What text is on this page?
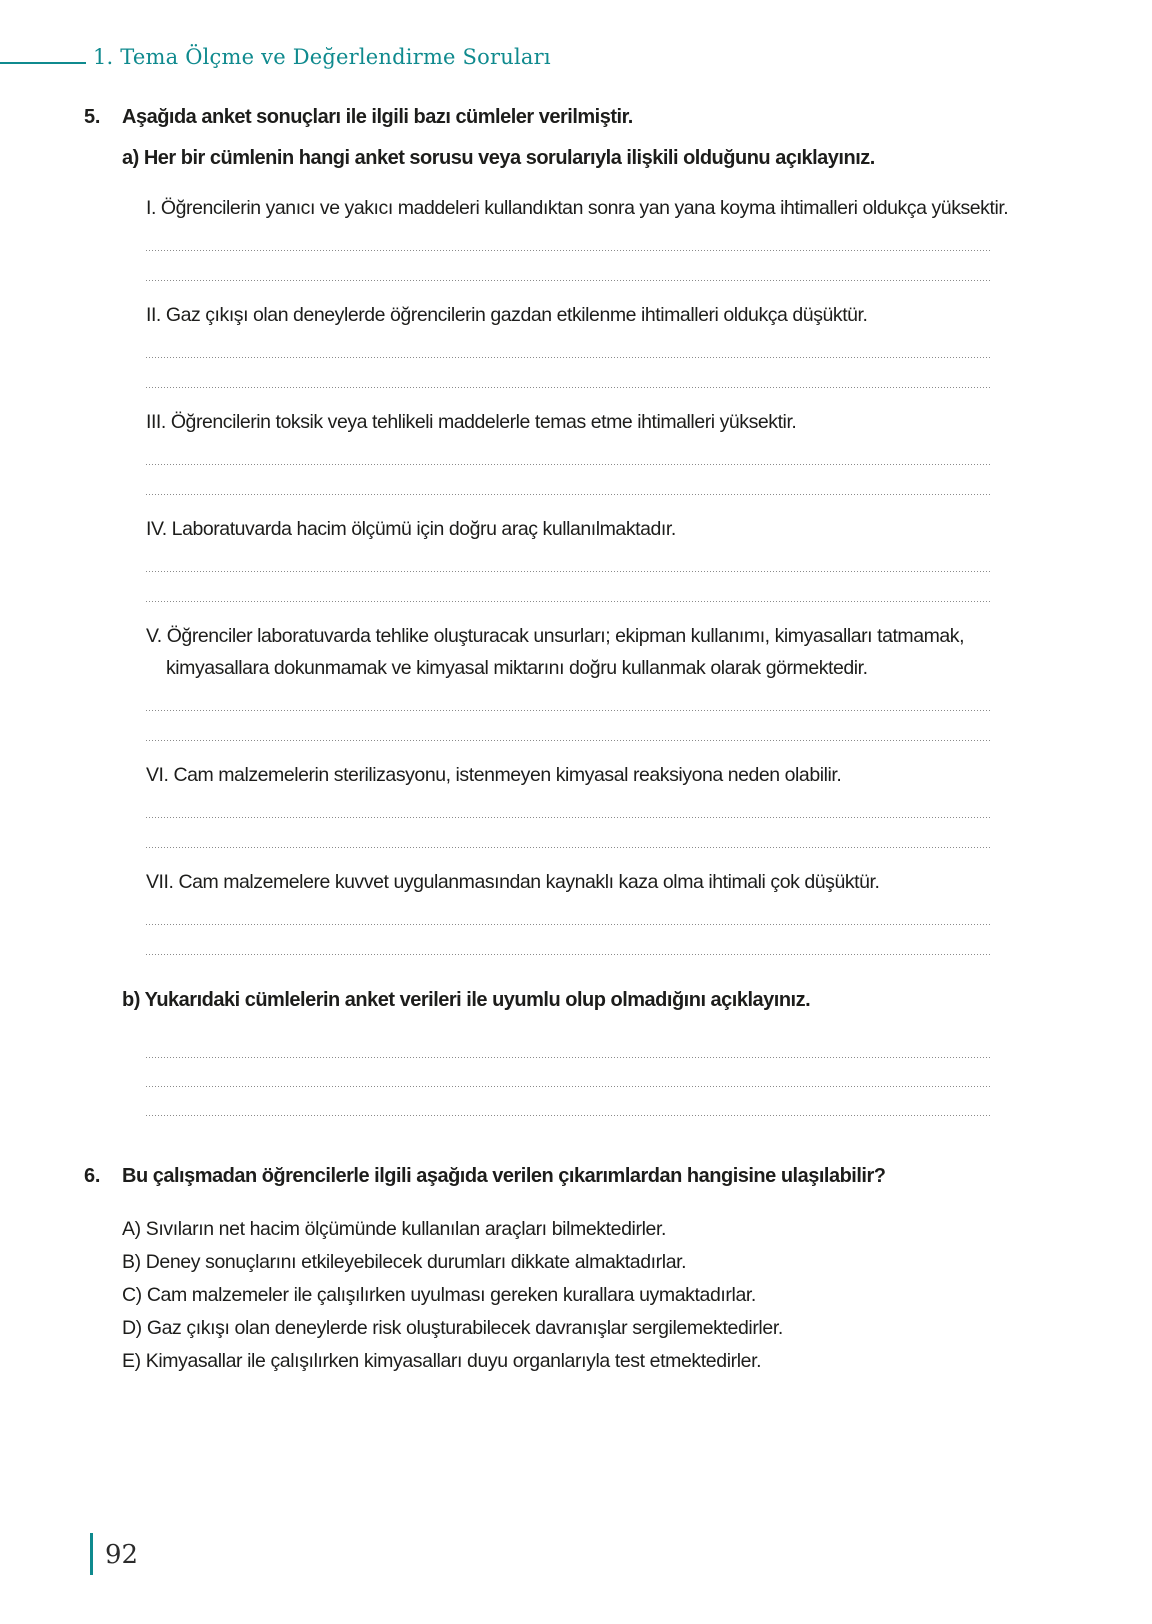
1. Tema Ölçme ve Değerlendirme Soruları
5.	Aşağıda anket sonuçları ile ilgili bazı cümleler verilmiştir.
a) Her bir cümlenin hangi anket sorusu veya sorularıyla ilişkili olduğunu açıklayınız.

I. Öğrencilerin yanıcı ve yakıcı maddeleri kullandıktan sonra yan yana koyma ihtimalleri oldukça yüksektir.

II. Gaz çıkışı olan deneylerde öğrencilerin gazdan etkilenme ihtimalleri oldukça düşüktür.

III. Öğrencilerin toksik veya tehlikeli maddelerle temas etme ihtimalleri yüksektir.

IV. Laboratuvarda hacim ölçümü için doğru araç kullanılmaktadır.

V. Öğrenciler laboratuvarda tehlike oluşturacak unsurları; ekipman kullanımı, kimyasalları tatmamak, kimyasallara dokunmamak ve kimyasal miktarını doğru kullanmak olarak görmektedir.

VI. Cam malzemelerin sterilizasyonu, istenmeyen kimyasal reaksiyona neden olabilir.

VII. Cam malzemelere kuvvet uygulanmasından kaynaklı kaza olma ihtimali çok düşüktür.

b) Yukarıdaki cümlelerin anket verileri ile uyumlu olup olmadığını açıklayınız.
6.	Bu çalışmadan öğrencilerle ilgili aşağıda verilen çıkarımlardan hangisine ulaşılabilir?
A) Sıvıların net hacim ölçümünde kullanılan araçları bilmektedirler.
B) Deney sonuçlarını etkileyebilecek durumları dikkate almaktadırlar.
C) Cam malzemeler ile çalışılırken uyulması gereken kurallara uymaktadırlar.
D) Gaz çıkışı olan deneylerde risk oluşturabilecek davranışlar sergilemektedirler.
E) Kimyasallar ile çalışılırken kimyasalları duyu organlarıyla test etmektedirler.
92
